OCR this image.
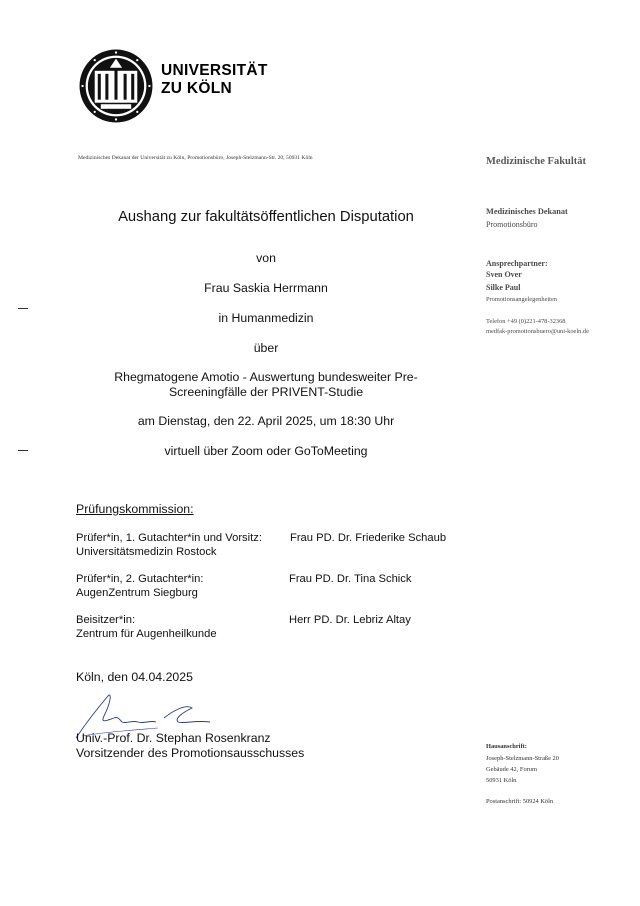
UNIVERSITÄT
ZU KÖLN
Medizinisches Dekanat der Universität zu Köln, Promotionsbüro, Joseph-Stelzmann-Str. 20, 50931 Köln	Medizinische Fakultät
Medizinisches Dekanat
Promotionsbüro
Ansprechpartner:
Sven Over
Silke Paul
Promotionsangelegenheiten
Telefon +49 (0)221-478-32368
medfak-promotionsbuero@uni-koeln.de
Hausanschrift:
Joseph-Stelzmann-Straße 20
Gebäude 42, Forum
50931 Köln
Postanschrift: 50924 Köln
Aushang zur fakultätsöffentlichen Disputation
von
Frau Saskia Herrmann
in Humanmedizin
über
Rhegmatogene Amotio - Auswertung bundesweiter Pre-
Screeningfälle der PRIVENT-Studie
am Dienstag, den 22. April 2025, um 18:30 Uhr
virtuell über Zoom oder GoToMeeting
Prüfungskommission:
Prüfer*in, 1. Gutachter*in und Vorsitz:
Universitätsmedizin Rostock
Frau PD. Dr. Friederike Schaub
Prüfer*in, 2. Gutachter*in:
AugenZentrum Siegburg
Frau PD. Dr. Tina Schick
Beisitzer*in:
Zentrum für Augenheilkunde
Herr PD. Dr. Lebriz Altay
Köln, den 04.04.2025
Univ.-Prof. Dr. Stephan Rosenkranz
Vorsitzender des Promotionsausschusses
